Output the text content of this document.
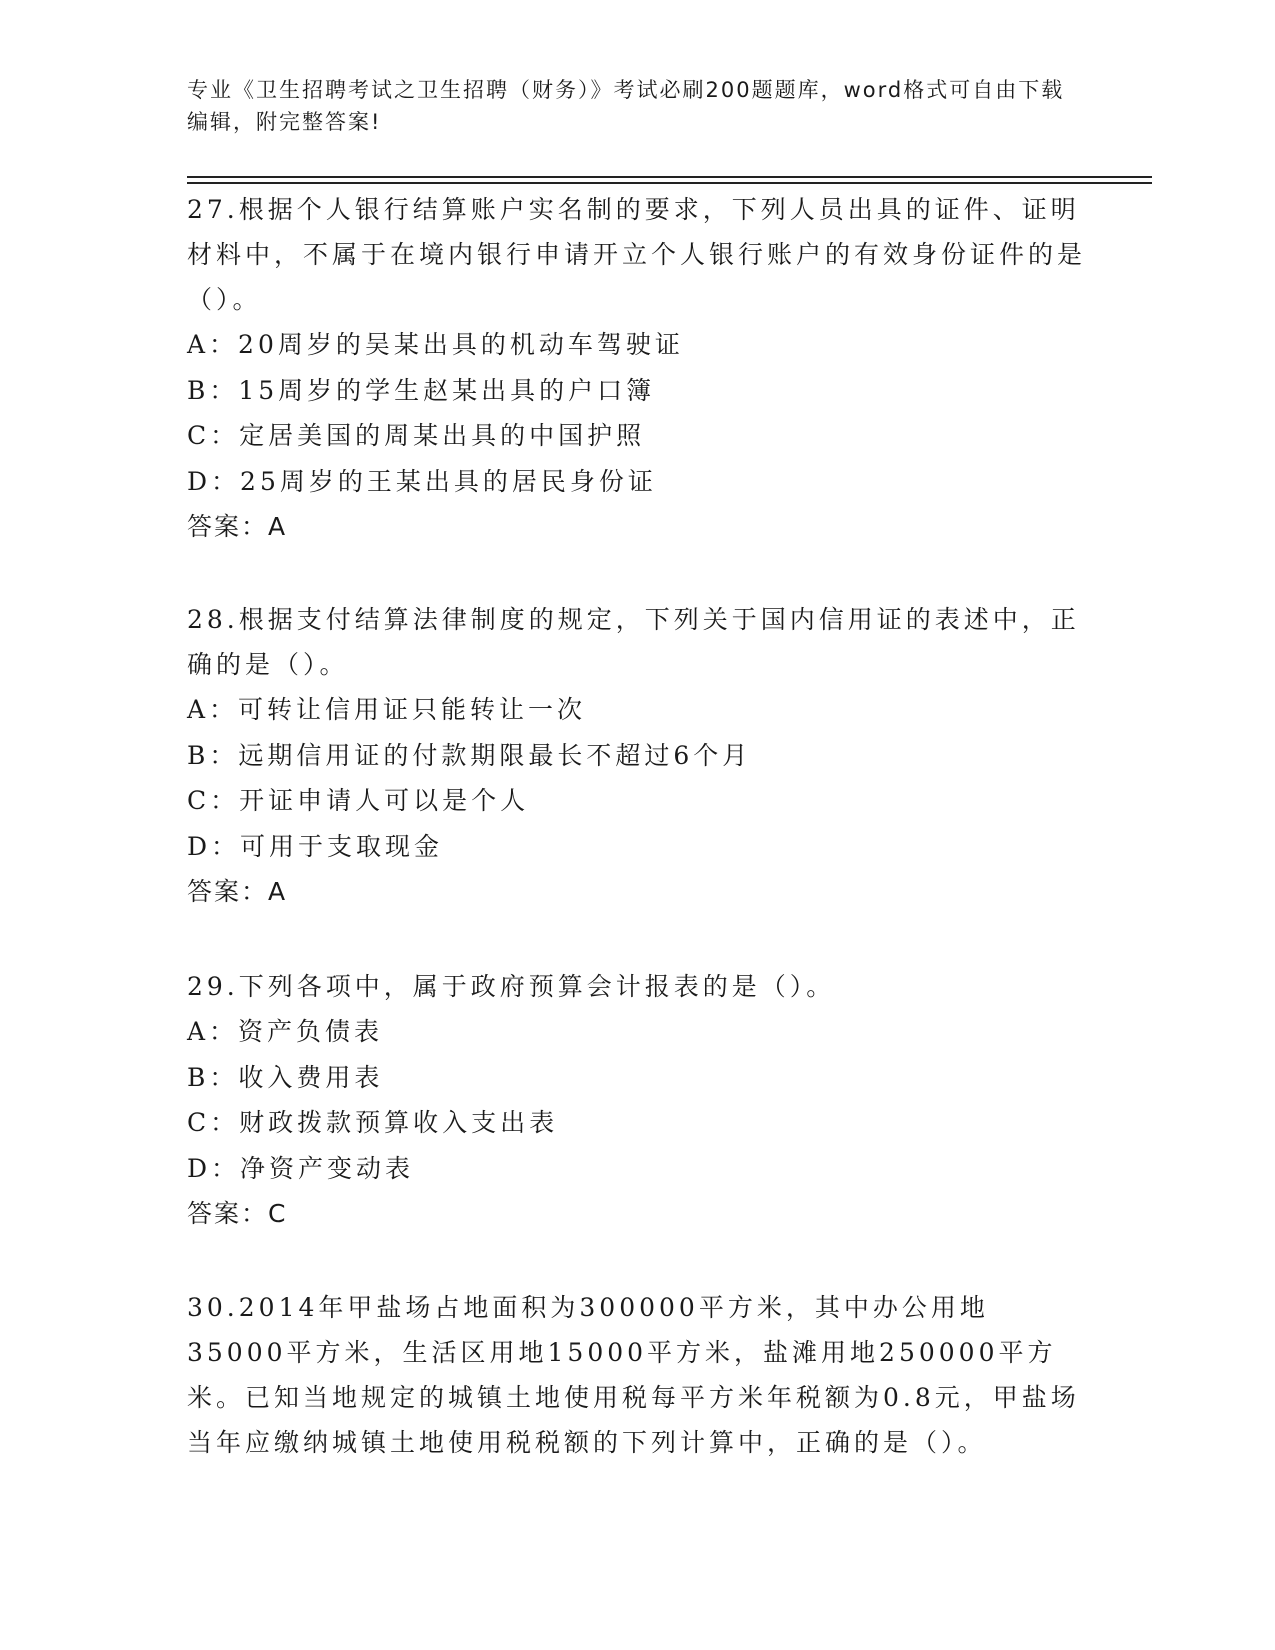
专业《卫生招聘考试之卫生招聘（财务）》考试必刷200题题库，word格式可自由下载编辑，附完整答案!

27.根据个人银行结算账户实名制的要求，下列人员出具的证件、证明材料中，不属于在境内银行申请开立个人银行账户的有效身份证件的是（）。

A：20周岁的吴某出具的机动车驾驶证

B：15周岁的学生赵某出具的户口簿

C：定居美国的周某出具的中国护照

D：25周岁的王某出具的居民身份证

答案：A

28.根据支付结算法律制度的规定，下列关于国内信用证的表述中，正确的是（）。

A：可转让信用证只能转让一次

B：远期信用证的付款期限最长不超过6个月

C：开证申请人可以是个人

D：可用于支取现金

答案：A

29.下列各项中，属于政府预算会计报表的是（）。

A：资产负债表

B：收入费用表

C：财政拨款预算收入支出表

D：净资产变动表

答案：C

30.2014年甲盐场占地面积为300000平方米，其中办公用地35000平方米，生活区用地15000平方米，盐滩用地250000平方米。已知当地规定的城镇土地使用税每平方米年税额为0.8元，甲盐场当年应缴纳城镇土地使用税税额的下列计算中，正确的是（）。
